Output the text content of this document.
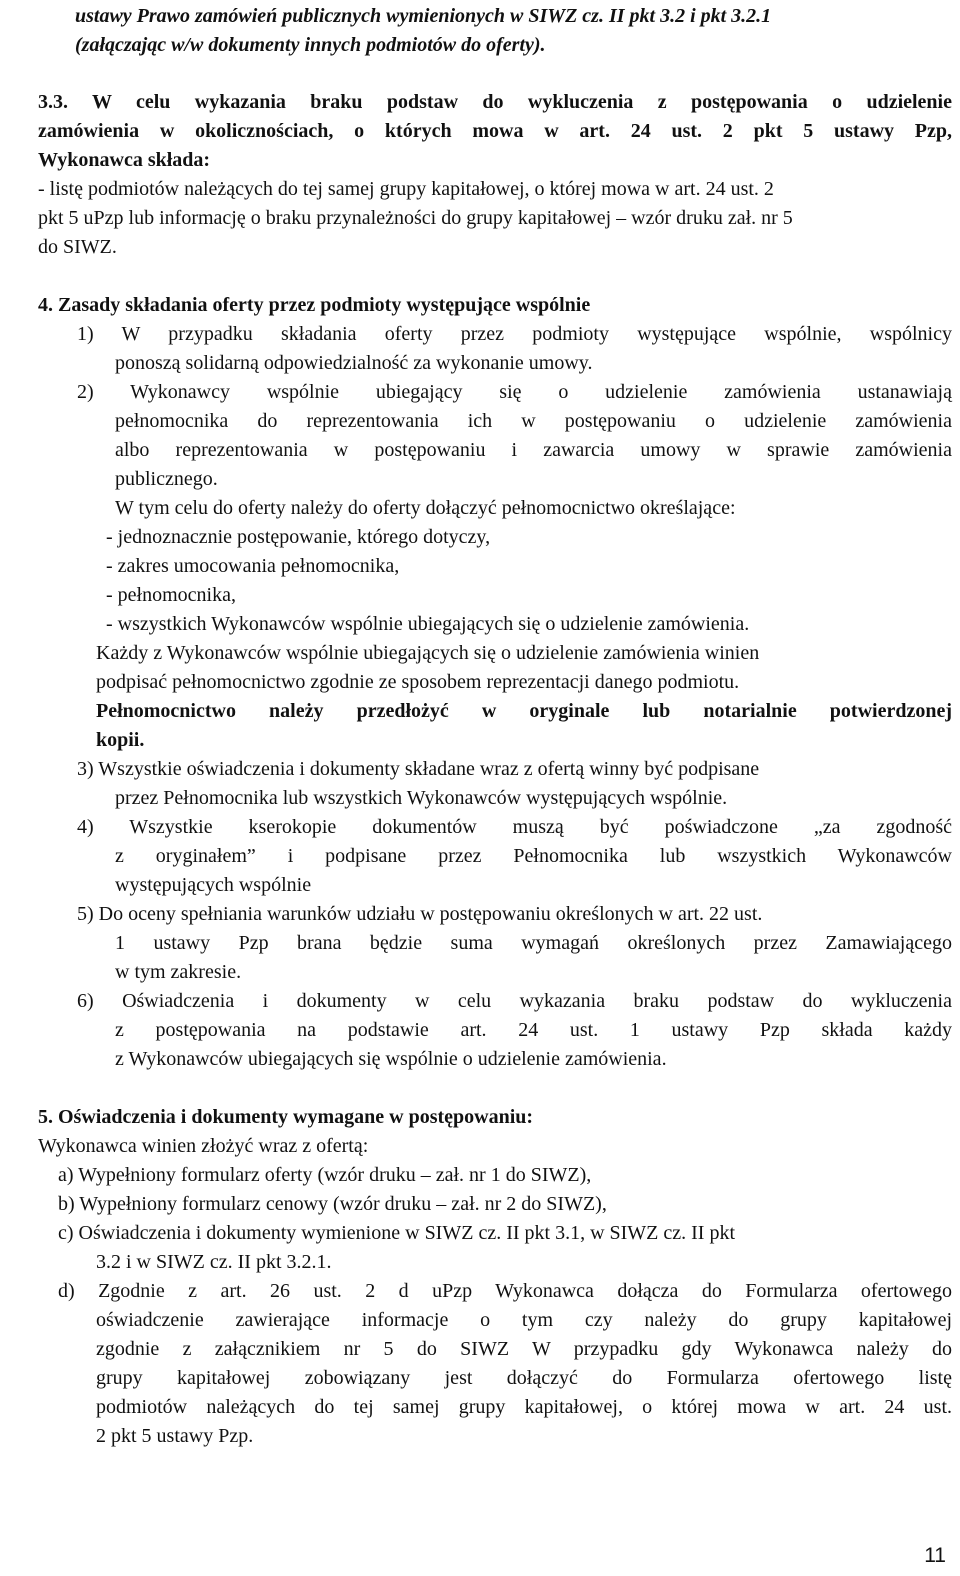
ustawy Prawo zamówień publicznych wymienionych w SIWZ cz. II pkt 3.2 i pkt 3.2.1
(załączając w/w dokumenty innych podmiotów do oferty).
3.3. W celu wykazania braku podstaw do wykluczenia z postępowania o udzielenie
zamówienia w okolicznościach, o których mowa w art. 24 ust. 2 pkt 5 ustawy Pzp,
Wykonawca składa:
- listę podmiotów należących do tej samej grupy kapitałowej, o której mowa w art. 24 ust. 2
pkt 5 uPzp lub informację o braku przynależności do grupy kapitałowej – wzór druku zał. nr 5
do SIWZ.
4. Zasady składania oferty przez podmioty występujące wspólnie
1) W przypadku składania oferty przez podmioty występujące wspólnie, wspólnicy
ponoszą solidarną odpowiedzialność za wykonanie umowy.
2) Wykonawcy wspólnie ubiegający się o udzielenie zamówienia ustanawiają
pełnomocnika do reprezentowania ich w postępowaniu o udzielenie zamówienia
albo reprezentowania w postępowaniu i zawarcia umowy w sprawie zamówienia
publicznego.
W tym celu do oferty należy do oferty dołączyć pełnomocnictwo określające:
- jednoznacznie postępowanie, którego dotyczy,
- zakres umocowania pełnomocnika,
- pełnomocnika,
- wszystkich Wykonawców wspólnie ubiegających się o udzielenie zamówienia.
Każdy z Wykonawców wspólnie ubiegających się o udzielenie zamówienia winien
podpisać pełnomocnictwo zgodnie ze sposobem reprezentacji danego podmiotu.
Pełnomocnictwo należy przedłożyć w oryginale lub notarialnie potwierdzonej
kopii.
3) Wszystkie oświadczenia i dokumenty składane wraz z ofertą winny być podpisane
przez Pełnomocnika lub wszystkich Wykonawców występujących wspólnie.
4) Wszystkie kserokopie dokumentów muszą być poświadczone „za zgodność
z oryginałem” i podpisane przez Pełnomocnika lub wszystkich Wykonawców
występujących wspólnie
5) Do oceny spełniania warunków udziału w postępowaniu określonych w art. 22 ust.
1 ustawy Pzp brana będzie suma wymagań określonych przez Zamawiającego
w tym zakresie.
6) Oświadczenia i dokumenty w celu wykazania braku podstaw do wykluczenia
z postępowania na podstawie art. 24 ust. 1 ustawy Pzp składa każdy
z Wykonawców ubiegających się wspólnie o udzielenie zamówienia.
5. Oświadczenia i dokumenty wymagane w postępowaniu:
Wykonawca winien złożyć wraz z ofertą:
a) Wypełniony formularz oferty (wzór druku – zał. nr 1 do SIWZ),
b) Wypełniony formularz cenowy (wzór druku – zał. nr 2 do SIWZ),
c) Oświadczenia i dokumenty wymienione w SIWZ cz. II pkt 3.1, w SIWZ cz. II pkt
3.2 i w SIWZ cz. II pkt 3.2.1.
d) Zgodnie z art. 26 ust. 2 d uPzp Wykonawca dołącza do Formularza ofertowego
oświadczenie zawierające informacje o tym czy należy do grupy kapitałowej
zgodnie z załącznikiem nr 5 do SIWZ W przypadku gdy Wykonawca należy do
grupy kapitałowej zobowiązany jest dołączyć do Formularza ofertowego listę
podmiotów należących do tej samej grupy kapitałowej, o której mowa w art. 24 ust.
2 pkt 5 ustawy Pzp.
11
